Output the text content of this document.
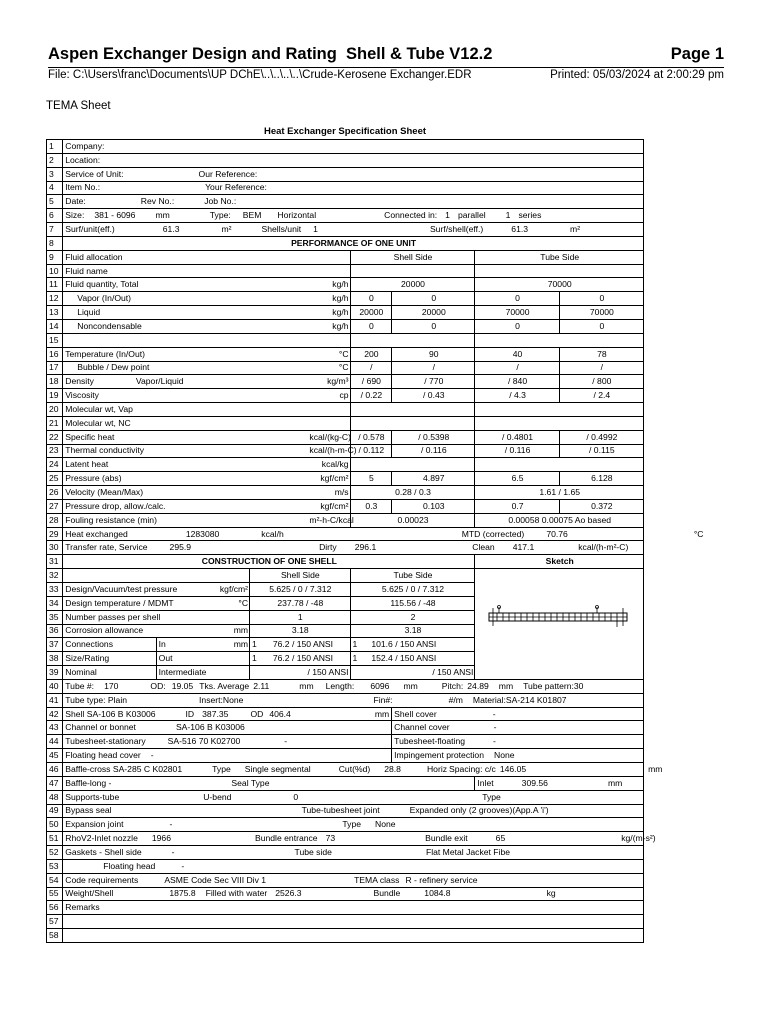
Aspen Exchanger Design and Rating Shell & Tube V12.2	Page 1
File: C:\Users\franc\Documents\UP DChE\..\..\..\..\Crude-Kerosene Exchanger.EDR	Printed: 05/03/2024 at 2:00:29 pm
TEMA Sheet
Heat Exchanger Specification Sheet
1	Company:								
2	Location:								
3	Service of Unit: Our Reference:								
4	Item No.: Your Reference:								
5	Date: Rev No.: Job No.:								
6	Size: 381 - 6096 mm Type: BEM Horizontal Connected in: 1 parallel 1 series								
7	Surf/unit(eff.) 61.3 m² Shells/unit 1 Surf/shell(eff.) 61.3 m²								
8	PERFORMANCE OF ONE UNIT								
9	Fluid allocation					Shell Side		Tube Side	
10	Fluid name								
11	Fluid quantity, Total				kg/h	20000		70000	
12	Vapor (In/Out)				kg/h	0	0	0	0
13	Liquid				kg/h	20000	20000	70000	70000
14	Noncondensable				kg/h	0	0	0	0
15									
16	Temperature (In/Out)				°C	200	90	40	78
17	Bubble / Dew point				°C	/	/	/	/
18	Density Vapor/Liquid				kg/m³	/ 690	/ 770	/ 840	/ 800
19	Viscosity				cp	/ 0.22	/ 0.43	/ 4.3	/ 2.4
20	Molecular wt, Vap								
21	Molecular wt, NC								
22	Specific heat				kcal/(kg-C)	/ 0.578	/ 0.5398	/ 0.4801	/ 0.4992
23	Thermal conductivity				kcal/(h-m-C)	/ 0.112	/ 0.116	/ 0.116	/ 0.115
24	Latent heat				kcal/kg				
25	Pressure (abs)				kgf/cm²	5	4.897	6.5	6.128
26	Velocity (Mean/Max)				m/s	0.28 / 0.3		1.61 / 1.65	
27	Pressure drop, allow./calc.				kgf/cm²	0.3	0.103	0.7	0.372
28	Fouling resistance (min)				m²-h-C/kcal	0.00023		0.00058 0.00075 Ao based	
29	Heat exchanged 1283080 kcal/h MTD (corrected) 70.76 °C								
30	Transfer rate, Service 295.9 Dirty 296.1 Clean 417.1 kcal/(h-m²-C)								
31	CONSTRUCTION OF ONE SHELL							Sketch	
32				Shell Side		Tube Side	

33	Design/Vacuum/test pressure		kgf/cm²	5.625 / 0 / 7.312		5.625 / 0 / 7.312			
34	Design temperature / MDMT		°C	237.78 / -48		115.56 / -48			
35	Number passes per shell			1		2			
36	Corrosion allowance		mm	3.18		3.18			
37	Connections	In	mm	1 76.2 / 150 ANSI		1 101.6 / 150 ANSI			
38	Size/Rating	Out		1 76.2 / 150 ANSI		1 152.4 / 150 ANSI			
39	Nominal	Intermediate		/ 150 ANSI		/ 150 ANSI			
40	Tube #: 170 OD: 19.05 Tks. Average 2.11 mm Length: 6096 mm Pitch: 24.89 mm Tube pattern:30								
41	Tube type: Plain Insert:None Fin#: #/m Material:SA-214 K01807								
42	Shell SA-106 B K03006 ID 387.35 OD 406.4 mm						Shell cover -		
43	Channel or bonnet SA-106 B K03006						Channel cover -		
44	Tubesheet-stationary SA-516 70 K02700 -						Tubesheet-floating -		
45	Floating head cover -						Impingement protection None		
46	Baffle-cross SA-285 C K02801 Type Single segmental Cut(%d) 28.8 Horiz Spacing: c/c 146.05 mm								
47	Baffle-long - Seal Type							Inlet 309.56 mm	
48	Supports-tube U-bend 0 Type								
49	Bypass seal Tube-tubesheet joint Expanded only (2 grooves)(App.A 'i')								
50	Expansion joint - Type None								
51	RhoV2-Inlet nozzle 1966 Bundle entrance 73 Bundle exit 65 kg/(m-s²)								
52	Gaskets - Shell side - Tube side Flat Metal Jacket Fibe								
53	Floating head -								
54	Code requirements ASME Code Sec VIII Div 1 TEMA class R - refinery service								
55	Weight/Shell 1875.8 Filled with water 2526.3 Bundle 1084.8 kg								
56	Remarks								
57									
58									
